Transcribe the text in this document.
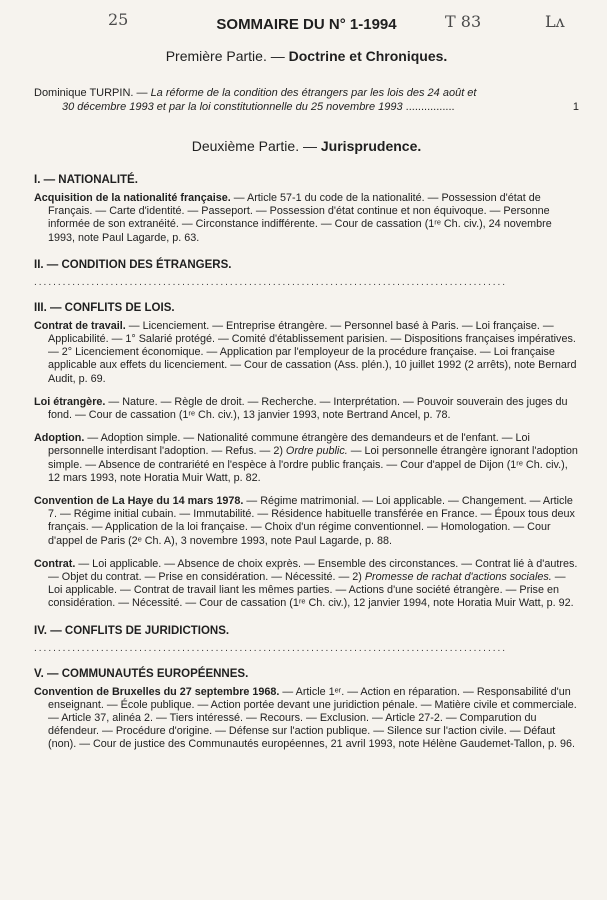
25	T 83	Lʌ
SOMMAIRE DU N° 1-1994
Première Partie. — Doctrine et Chroniques.
Dominique TURPIN. — La réforme de la condition des étrangers par les lois des 24 août et
30 décembre 1993 et par la loi constitutionnelle du 25 novembre 1993 ................	1
Deuxième Partie. — Jurisprudence.
I. — NATIONALITÉ.
Acquisition de la nationalité française. — Article 57-1 du code de la nationalité. — Possession d'état de Français. — Carte d'identité. — Passeport. — Possession d'état continue et non équivoque. — Personne informée de son extranéité. — Circonstance indifférente. — Cour de cassation (1ʳᵉ Ch. civ.), 24 novembre 1993, note Paul Lagarde, p. 63.
II. — CONDITION DES ÉTRANGERS.
...................................................................................................
III. — CONFLITS DE LOIS.
Contrat de travail. — Licenciement. — Entreprise étrangère. — Personnel basé à Paris. — Loi française. — Applicabilité. — 1° Salarié protégé. — Comité d'établissement parisien. — Dispositions françaises impératives. — 2° Licenciement économique. — Application par l'employeur de la procédure française. — Loi française applicable aux effets du licenciement. — Cour de cassation (Ass. plén.), 10 juillet 1992 (2 arrêts), note Bernard Audit, p. 69.
Loi étrangère. — Nature. — Règle de droit. — Recherche. — Interprétation. — Pouvoir souverain des juges du fond. — Cour de cassation (1ʳᵉ Ch. civ.), 13 janvier 1993, note Bertrand Ancel, p. 78.
Adoption. — Adoption simple. — Nationalité commune étrangère des demandeurs et de l'enfant. — Loi personnelle interdisant l'adoption. — Refus. — 2) Ordre public. — Loi personnelle étrangère ignorant l'adoption simple. — Absence de contrariété en l'espèce à l'ordre public français. — Cour d'appel de Dijon (1ʳᵉ Ch. civ.), 12 mars 1993, note Horatia Muir Watt, p. 82.
Convention de La Haye du 14 mars 1978. — Régime matrimonial. — Loi applicable. — Changement. — Article 7. — Régime initial cubain. — Immutabilité. — Résidence habituelle transférée en France. — Époux tous deux français. — Application de la loi française. — Choix d'un régime conventionnel. — Homologation. — Cour d'appel de Paris (2ᵉ Ch. A), 3 novembre 1993, note Paul Lagarde, p. 88.
Contrat. — Loi applicable. — Absence de choix exprès. — Ensemble des circonstances. — Contrat lié à d'autres. — Objet du contrat. — Prise en considération. — Nécessité. — 2) Promesse de rachat d'actions sociales. — Loi applicable. — Contrat de travail liant les mêmes parties. — Actions d'une société étrangère. — Prise en considération. — Nécessité. — Cour de cassation (1ʳᵉ Ch. civ.), 12 janvier 1994, note Horatia Muir Watt, p. 92.
IV. — CONFLITS DE JURIDICTIONS.
...................................................................................................
V. — COMMUNAUTÉS EUROPÉENNES.
Convention de Bruxelles du 27 septembre 1968. — Article 1ᵉʳ. — Action en réparation. — Responsabilité d'un enseignant. — École publique. — Action portée devant une juridiction pénale. — Matière civile et commerciale. — Article 37, alinéa 2. — Tiers intéressé. — Recours. — Exclusion. — Article 27-2. — Comparution du défendeur. — Procédure d'origine. — Défense sur l'action publique. — Silence sur l'action civile. — Défaut (non). — Cour de justice des Communautés européennes, 21 avril 1993, note Hélène Gaudemet-Tallon, p. 96.
